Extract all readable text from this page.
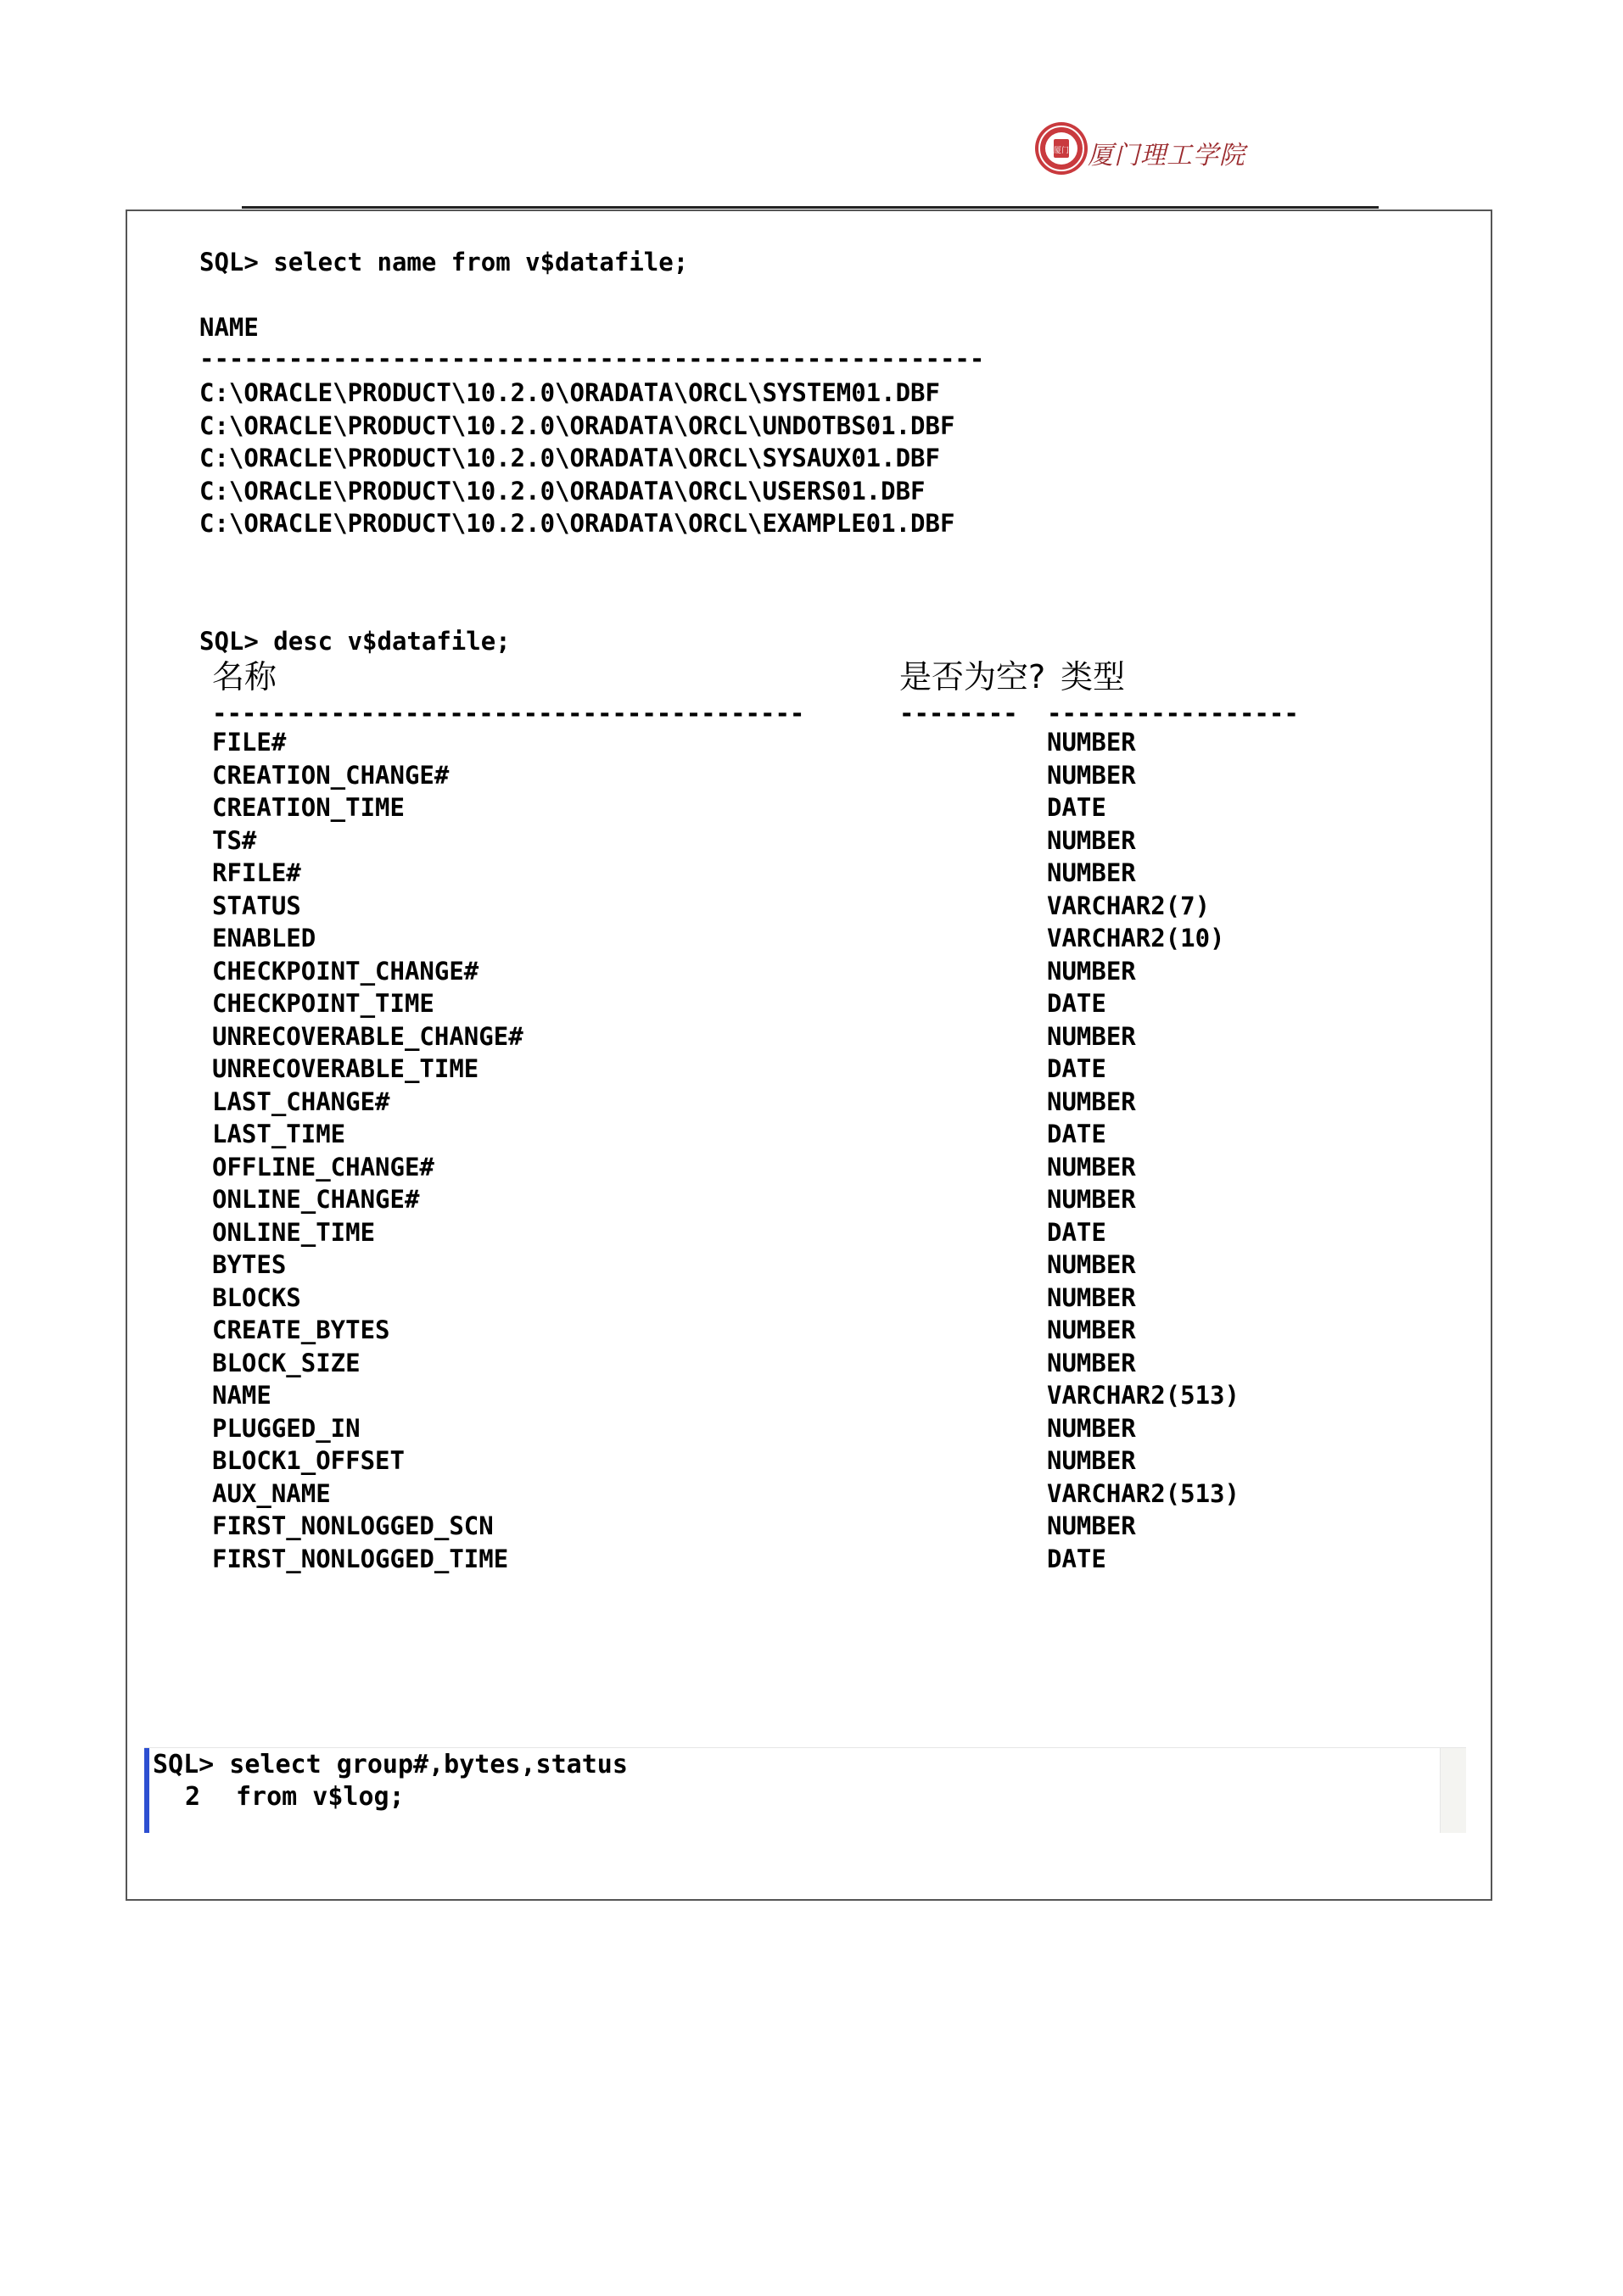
厦门 厦门理工学院
SQL> select name from v$datafile;
NAME
-----------------------------------------------------
C:\ORACLE\PRODUCT\10.2.0\ORADATA\ORCL\SYSTEM01.DBF
C:\ORACLE\PRODUCT\10.2.0\ORADATA\ORCL\UNDOTBS01.DBF
C:\ORACLE\PRODUCT\10.2.0\ORADATA\ORCL\SYSAUX01.DBF
C:\ORACLE\PRODUCT\10.2.0\ORADATA\ORCL\USERS01.DBF
C:\ORACLE\PRODUCT\10.2.0\ORADATA\ORCL\EXAMPLE01.DBF
SQL> desc v$datafile;
名称	是否为空? 类型
----------------------------------------	-------- -----------------
FILE#	NUMBER
CREATION_CHANGE#	NUMBER
CREATION_TIME	DATE
TS#	NUMBER
RFILE#	NUMBER
STATUS	VARCHAR2(7)
ENABLED	VARCHAR2(10)
CHECKPOINT_CHANGE#	NUMBER
CHECKPOINT_TIME	DATE
UNRECOVERABLE_CHANGE#	NUMBER
UNRECOVERABLE_TIME	DATE
LAST_CHANGE#	NUMBER
LAST_TIME	DATE
OFFLINE_CHANGE#	NUMBER
ONLINE_CHANGE#	NUMBER
ONLINE_TIME	DATE
BYTES	NUMBER
BLOCKS	NUMBER
CREATE_BYTES	NUMBER
BLOCK_SIZE	NUMBER
NAME	VARCHAR2(513)
PLUGGED_IN	NUMBER
BLOCK1_OFFSET	NUMBER
AUX_NAME	VARCHAR2(513)
FIRST_NONLOGGED_SCN	NUMBER
FIRST_NONLOGGED_TIME	DATE
SQL> select group#,bytes,status
2 from v$log;
